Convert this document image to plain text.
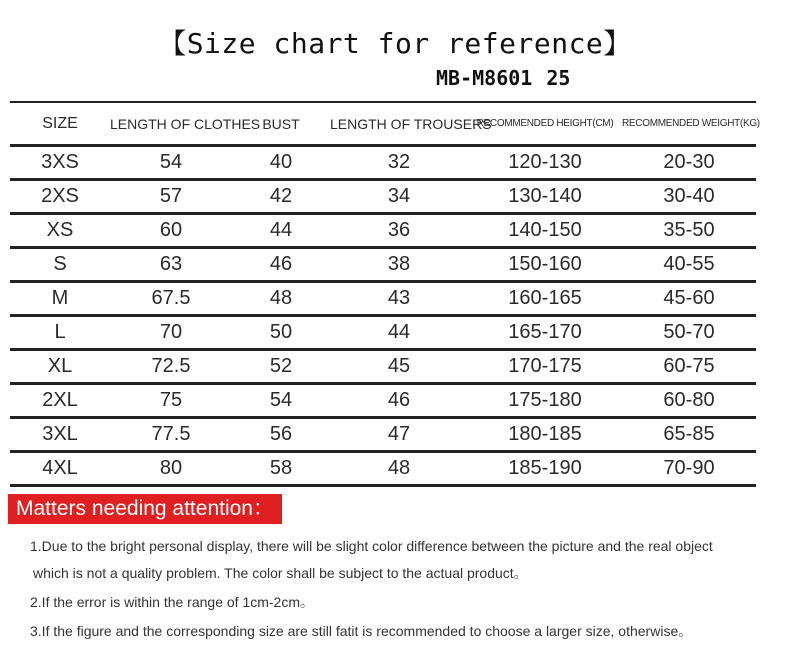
【Size chart for reference】
MB-M8601 25
SIZE	LENGTH OF CLOTHES	BUST	LENGTH OF TROUSERS	RECOMMENDED HEIGHT(CM)	RECOMMENDED WEIGHT(KG)
3XS	54	40	32	120-130	20-30
2XS	57	42	34	130-140	30-40
XS	60	44	36	140-150	35-50
S	63	46	38	150-160	40-55
M	67.5	48	43	160-165	45-60
L	70	50	44	165-170	50-70
XL	72.5	52	45	170-175	60-75
2XL	75	54	46	175-180	60-80
3XL	77.5	56	47	180-185	65-85
4XL	80	58	48	185-190	70-90
Matters needing attention：
1.Due to the bright personal display, there will be slight color difference between the picture and the real object
which is not a quality problem. The color shall be subject to the actual product。
2.If the error is within the range of 1cm-2cm。
3.If the figure and the corresponding size are still fatit is recommended to choose a larger size, otherwise。
